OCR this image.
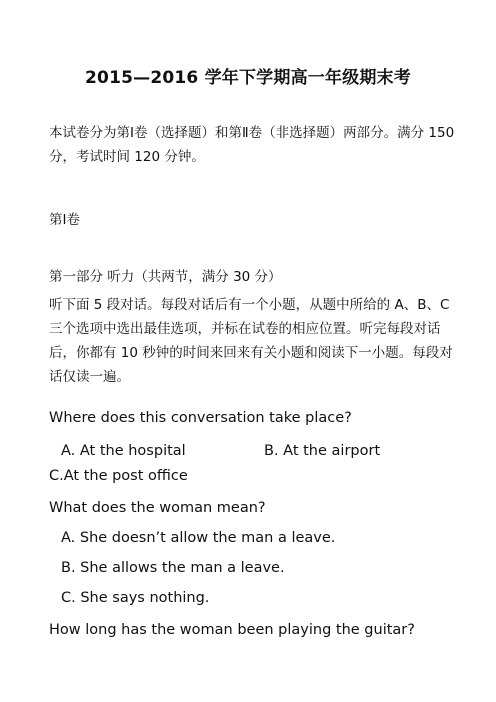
2015—2016 学年下学期高一年级期末考
本试卷分为第Ⅰ卷（选择题）和第Ⅱ卷（非选择题）两部分。满分 150 分，考试时间 120 分钟。
第Ⅰ卷
第一部分 听力（共两节，满分 30 分）
听下面 5 段对话。每段对话后有一个小题，从题中所给的 A、B、C 三个选项中选出最佳选项，并标在试卷的相应位置。听完每段对话后，你都有 10 秒钟的时间来回来有关小题和阅读下一小题。每段对话仅读一遍。
Where does this conversation take place?
A. At the hospital	B. At the airport
C.At the post office
What does the woman mean?
A. She doesn’t allow the man a leave.
B. She allows the man a leave.
C. She says nothing.
How long has the woman been playing the guitar?
